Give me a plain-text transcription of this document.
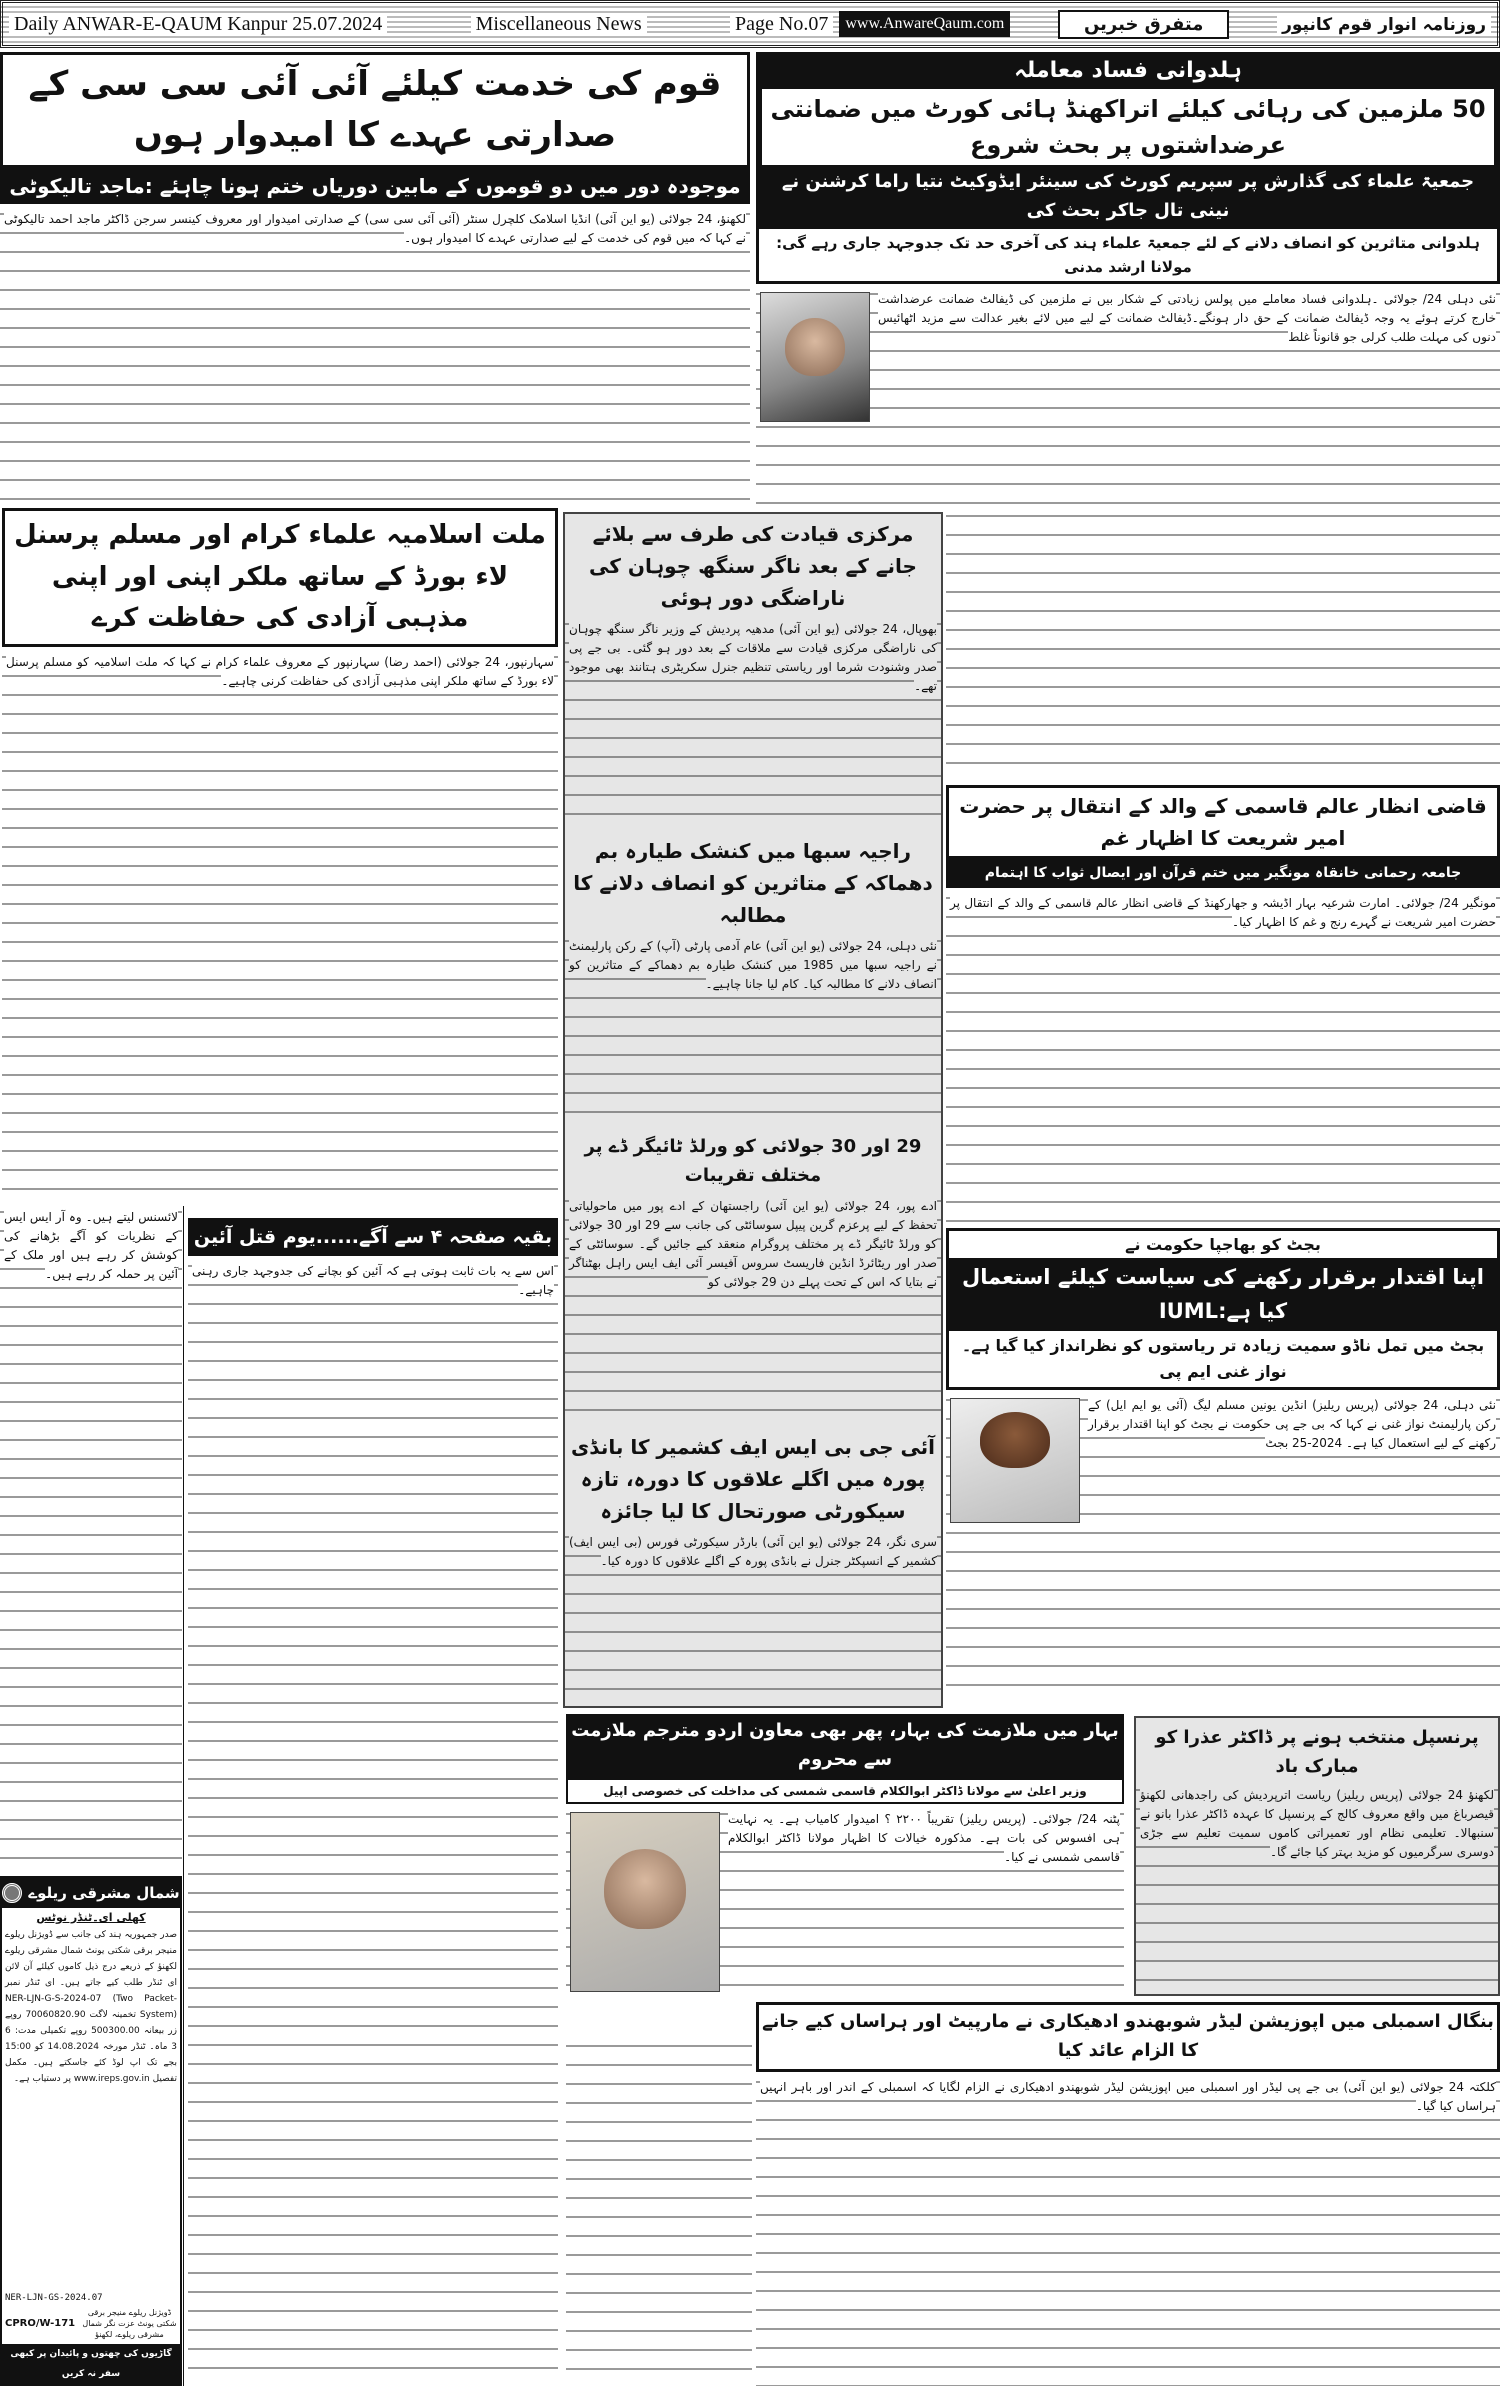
Daily ANWAR-E-QAUM Kanpur 25.07.2024	Miscellaneous News	Page No.07	www.AnwareQaum.com	متفرق خبریں	روزنامہ انوار قوم کانپور
قوم کی خدمت کیلئے آئی آئی سی سی کے صدارتی عہدے کا امیدوار ہوں
موجودہ دور میں دو قوموں کے مابین دوریاں ختم ہونا چاہئے :ماجد تالیکوٹی

لکھنؤ، 24 جولائی (یو این آئی) انڈیا اسلامک کلچرل سنٹر (آئی آئی سی سی) کے صدارتی امیدوار اور معروف کینسر سرجن ڈاکٹر ماجد احمد تالیکوٹی نے کہا کہ میں قوم کی خدمت کے لیے صدارتی عہدے کا امیدوار ہوں۔

ہلدوانی فساد معاملہ
50 ملزمین کی رہائی کیلئے اتراکھنڈ ہائی کورٹ میں ضمانتی عرضداشتوں پر بحث شروع
جمعیۃ علماء کی گذارش پر سپریم کورٹ کی سینئر ایڈوکیٹ نتیا راما کرشنن نے نینی تال جاکر بحث کی
ہلدوانی متاثرین کو انصاف دلانے کے لئے جمعیۃ علماء ہند کی آخری حد تک جدوجہد جاری رہے گی: مولانا ارشد مدنی

نئی دہلی 24/ جولائی ۔ہلدوانی فساد معاملے میں پولس زیادتی کے شکار بیں نے ملزمین کی ڈیفالٹ ضمانت عرضداشت خارج کرتے ہوئے یہ وجہ ڈیفالٹ ضمانت کے حق دار ہونگے۔ڈیفالٹ ضمانت کے لیے میں لائے بغیر عدالت سے مزید اٹھائیس دنوں کی مہلت طلب کرلی جو قانوناً غلط

ملت اسلامیہ علماء کرام اور مسلم پرسنل لاء بورڈ کے ساتھ ملکر اپنی اور اپنی مذہبی آزادی کی حفاظت کرے

سہارنپور، 24 جولائی (احمد رضا) سہارنپور کے معروف علماء کرام نے کہا کہ ملت اسلامیہ کو مسلم پرسنل لاء بورڈ کے ساتھ ملکر اپنی مذہبی آزادی کی حفاظت کرنی چاہیے۔

مرکزی قیادت کی طرف سے بلائے جانے کے بعد ناگر سنگھ چوہان کی ناراضگی دور ہوئی

بھوپال، 24 جولائی (یو این آئی) مدھیہ پردیش کے وزیر ناگر سنگھ چوہان کی ناراضگی مرکزی قیادت سے ملاقات کے بعد دور ہو گئی۔ بی جے پی صدر وشنودت شرما اور ریاستی تنظیم جنرل سکریٹری ہتانند بھی موجود تھے۔

راجیہ سبھا میں کنشک طیارہ بم دھماکہ کے متاثرین کو انصاف دلانے کا مطالبہ

نئی دہلی، 24 جولائی (یو این آئی) عام آدمی پارٹی (آپ) کے رکن پارلیمنٹ نے راجیہ سبھا میں 1985 میں کنشک طیارہ بم دھماکے کے متاثرین کو انصاف دلانے کا مطالبہ کیا۔ کام لیا جانا چاہیے۔

29 اور 30 جولائی کو ورلڈ ٹائیگر ڈے پر مختلف تقریبات

ادے پور، 24 جولائی (یو این آئی) راجستھان کے ادے پور میں ماحولیاتی تحفظ کے لیے پرعزم گرین پیپل سوسائٹی کی جانب سے 29 اور 30 جولائی کو ورلڈ ٹائیگر ڈے پر مختلف پروگرام منعقد کیے جائیں گے۔ سوسائٹی کے صدر اور ریٹائرڈ انڈین فاریسٹ سروس آفیسر آئی ایف ایس راہل بھٹناگر نے بتایا کہ اس کے تحت پہلے دن 29 جولائی کو

آئی جی بی ایس ایف کشمیر کا بانڈی پورہ میں اگلے علاقوں کا دورہ، تازہ سیکورٹی صورتحال کا لیا جائزہ

سری نگر، 24 جولائی (یو این آئی) بارڈر سیکورٹی فورس (بی ایس ایف) کشمیر کے انسپکٹر جنرل نے بانڈی پورہ کے اگلے علاقوں کا دورہ کیا۔

قاضی انظار عالم قاسمی کے والد کے انتقال پر حضرت امیر شریعت کا اظہار غم
جامعہ رحمانی خانقاہ مونگیر میں ختم قرآن اور ایصال ثواب کا اہتمام

مونگیر 24/ جولائی۔ امارت شرعیہ بہار اڈیشہ و جھارکھنڈ کے قاضی انظار عالم قاسمی کے والد کے انتقال پر حضرت امیر شریعت نے گہرے رنج و غم کا اظہار کیا۔

بجٹ کو بھاجپا حکومت نے
اپنا اقتدار برقرار رکھنے کی سیاست کیلئے استعمال کیا ہے:IUML
بجٹ میں تمل ناڈو سمیت زیادہ تر ریاستوں کو نظرانداز کیا گیا ہے۔نواز غنی ایم پی

نئی دہلی، 24 جولائی (پریس ریلیز) انڈین یونین مسلم لیگ (آئی یو ایم ایل) کے رکن پارلیمنٹ نواز غنی نے کہا کہ بی جے پی حکومت نے بجٹ کو اپنا اقتدار برقرار رکھنے کے لیے استعمال کیا ہے۔ 2024-25 بجٹ

لائسنس لیتے ہیں۔ وہ آر ایس ایس کے نظریات کو آگے بڑھانے کی کوشش کر رہے ہیں اور ملک کے آئین پر حملہ کر رہے ہیں۔

بقیہ صفحہ ۴ سے آگے......یوم قتل آئین

اس سے یہ بات ثابت ہوتی ہے کہ آئین کو بچانے کی جدوجہد جاری رہنی چاہیے۔

شمال مشرقی ریلوے
کھلی ای۔ٹنڈر نوٹس
صدر جمہوریہ ہند کی جانب سے ڈویژنل ریلوے منیجر برقی شکتی یونٹ شمال مشرقی ریلوے لکھنؤ کے ذریعے درج ذیل کاموں کیلئے آن لائن ای ٹنڈر طلب کیے جاتے ہیں۔ ای ٹنڈر نمبر NER-LJN-G-S-2024-07 (Two Packet-System) تخمینہ لاگت 70060820.90 روپے زر بیعانہ 500300.00 روپے تکمیلی مدت: 6 3 ماہ۔ ٹنڈر مورخہ 14.08.2024 کو 15:00 بجے تک اپ لوڈ کئے جاسکتے ہیں۔ مکمل تفصیل www.ireps.gov.in پر دستیاب ہے۔
NER-LJN-GS-2024.07
CPRO/W-171
ڈویژنل ریلوے منیجر برقی شکتی یونٹ عزت نگر شمال مشرقی ریلوے، لکھنؤ
گاڑیوں کی چھتوں و پائیدان پر کبھی سفر نہ کریں
بہار میں ملازمت کی بہار، پھر بھی معاون اردو مترجم ملازمت سے محروم
وزیر اعلیٰ سے مولانا ڈاکٹر ابوالکلام قاسمی شمسی کی مداخلت کی خصوصی اپیل

پٹنہ 24/ جولائی۔ (پریس ریلیز) تقریباً ۲۲۰۰ ؟ امیدوار کامیاب ہے۔ یہ نہایت ہی افسوس کی بات ہے۔ مذکورہ خیالات کا اظہار مولانا ڈاکٹر ابوالکلام قاسمی شمسی نے کیا۔

پرنسپل منتخب ہونے پر ڈاکٹر عذرا کو مبارک باد

لکھنؤ 24 جولائی (پریس ریلیز) ریاست اترپردیش کی راجدھانی لکھنؤ قیصرباغ میں واقع معروف کالج کے پرنسپل کا عہدہ ڈاکٹر عذرا بانو نے سنبھالا۔ تعلیمی نظام اور تعمیراتی کاموں سمیت تعلیم سے جڑی دوسری سرگرمیوں کو مزید بہتر کیا جائے گا۔

بنگال اسمبلی میں اپوزیشن لیڈر شوبھندو ادھیکاری نے مارپیٹ اور ہراساں کیے جانے کا الزام عائد کیا

کلکتہ 24 جولائی (یو این آئی) بی جے پی لیڈر اور اسمبلی میں اپوزیشن لیڈر شوبھندو ادھیکاری نے الزام لگایا کہ اسمبلی کے اندر اور باہر انہیں ہراساں کیا گیا۔
